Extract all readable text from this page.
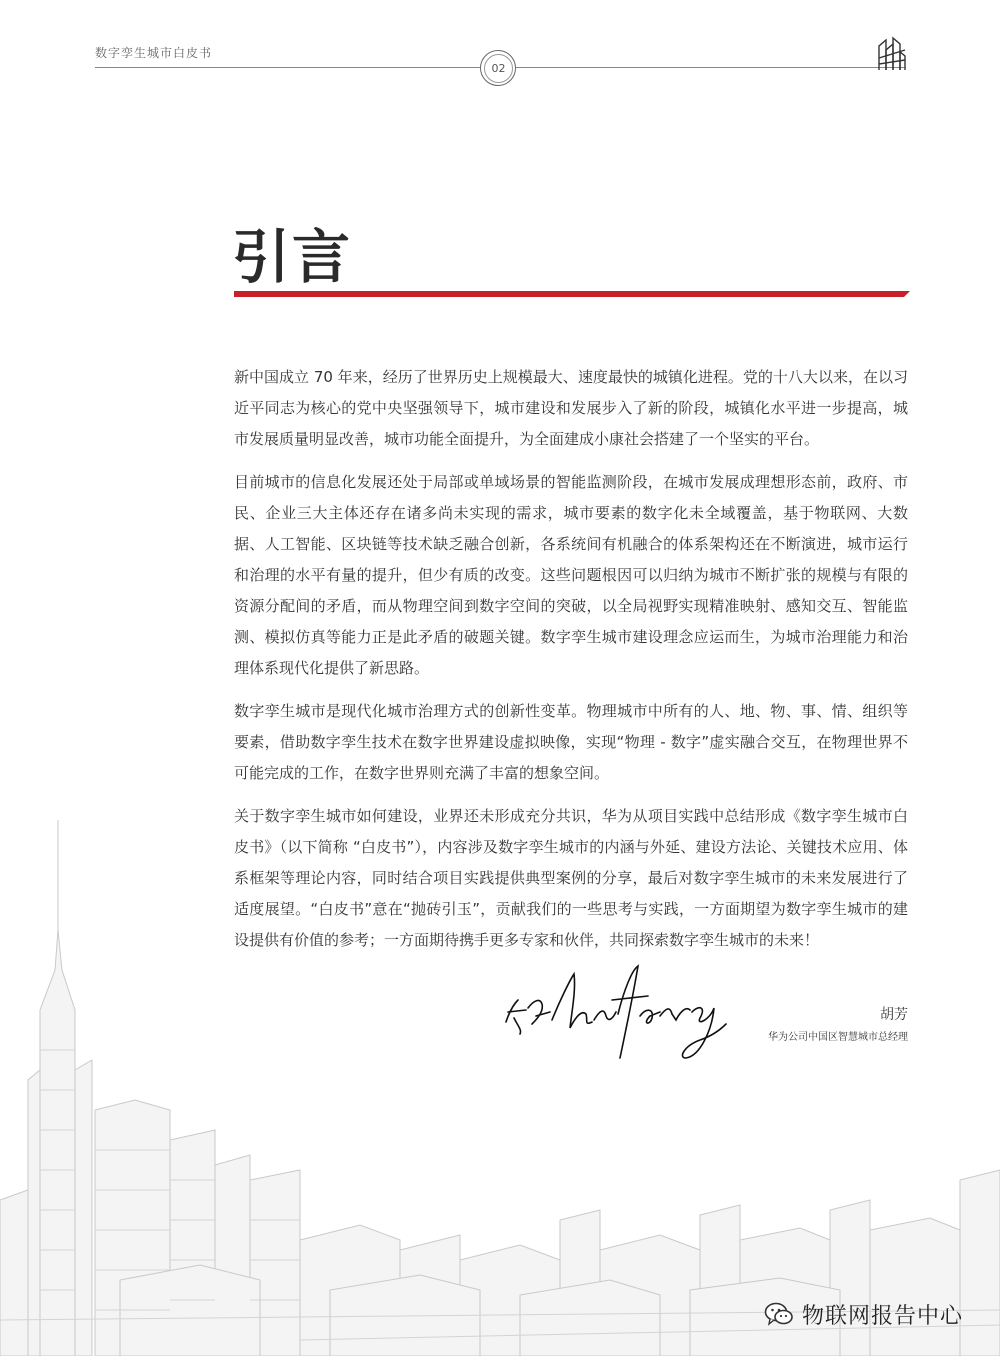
数字孪生城市白皮书
02
引言

新中国成立 70 年来，经历了世界历史上规模最大、速度最快的城镇化进程。党的十八大以来，在以习近平同志为核心的党中央坚强领导下，城市建设和发展步入了新的阶段，城镇化水平进一步提高，城市发展质量明显改善，城市功能全面提升，为全面建成小康社会搭建了一个坚实的平台。

目前城市的信息化发展还处于局部或单域场景的智能监测阶段，在城市发展成理想形态前，政府、市民、企业三大主体还存在诸多尚未实现的需求，城市要素的数字化未全域覆盖，基于物联网、大数据、人工智能、区块链等技术缺乏融合创新，各系统间有机融合的体系架构还在不断演进，城市运行和治理的水平有量的提升，但少有质的改变。这些问题根因可以归纳为城市不断扩张的规模与有限的资源分配间的矛盾，而从物理空间到数字空间的突破，以全局视野实现精准映射、感知交互、智能监测、模拟仿真等能力正是此矛盾的破题关键。数字孪生城市建设理念应运而生，为城市治理能力和治理体系现代化提供了新思路。

数字孪生城市是现代化城市治理方式的创新性变革。物理城市中所有的人、地、物、事、情、组织等要素，借助数字孪生技术在数字世界建设虚拟映像，实现“物理 - 数字”虚实融合交互，在物理世界不可能完成的工作，在数字世界则充满了丰富的想象空间。

关于数字孪生城市如何建设，业界还未形成充分共识，华为从项目实践中总结形成《数字孪生城市白皮书》（以下简称 “白皮书”），内容涉及数字孪生城市的内涵与外延、建设方法论、关键技术应用、体系框架等理论内容，同时结合项目实践提供典型案例的分享，最后对数字孪生城市的未来发展进行了适度展望。“白皮书”意在“抛砖引玉”，贡献我们的一些思考与实践，一方面期望为数字孪生城市的建设提供有价值的参考；一方面期待携手更多专家和伙伴，共同探索数字孪生城市的未来！

胡芳
华为公司中国区智慧城市总经理
物联网报告中心
